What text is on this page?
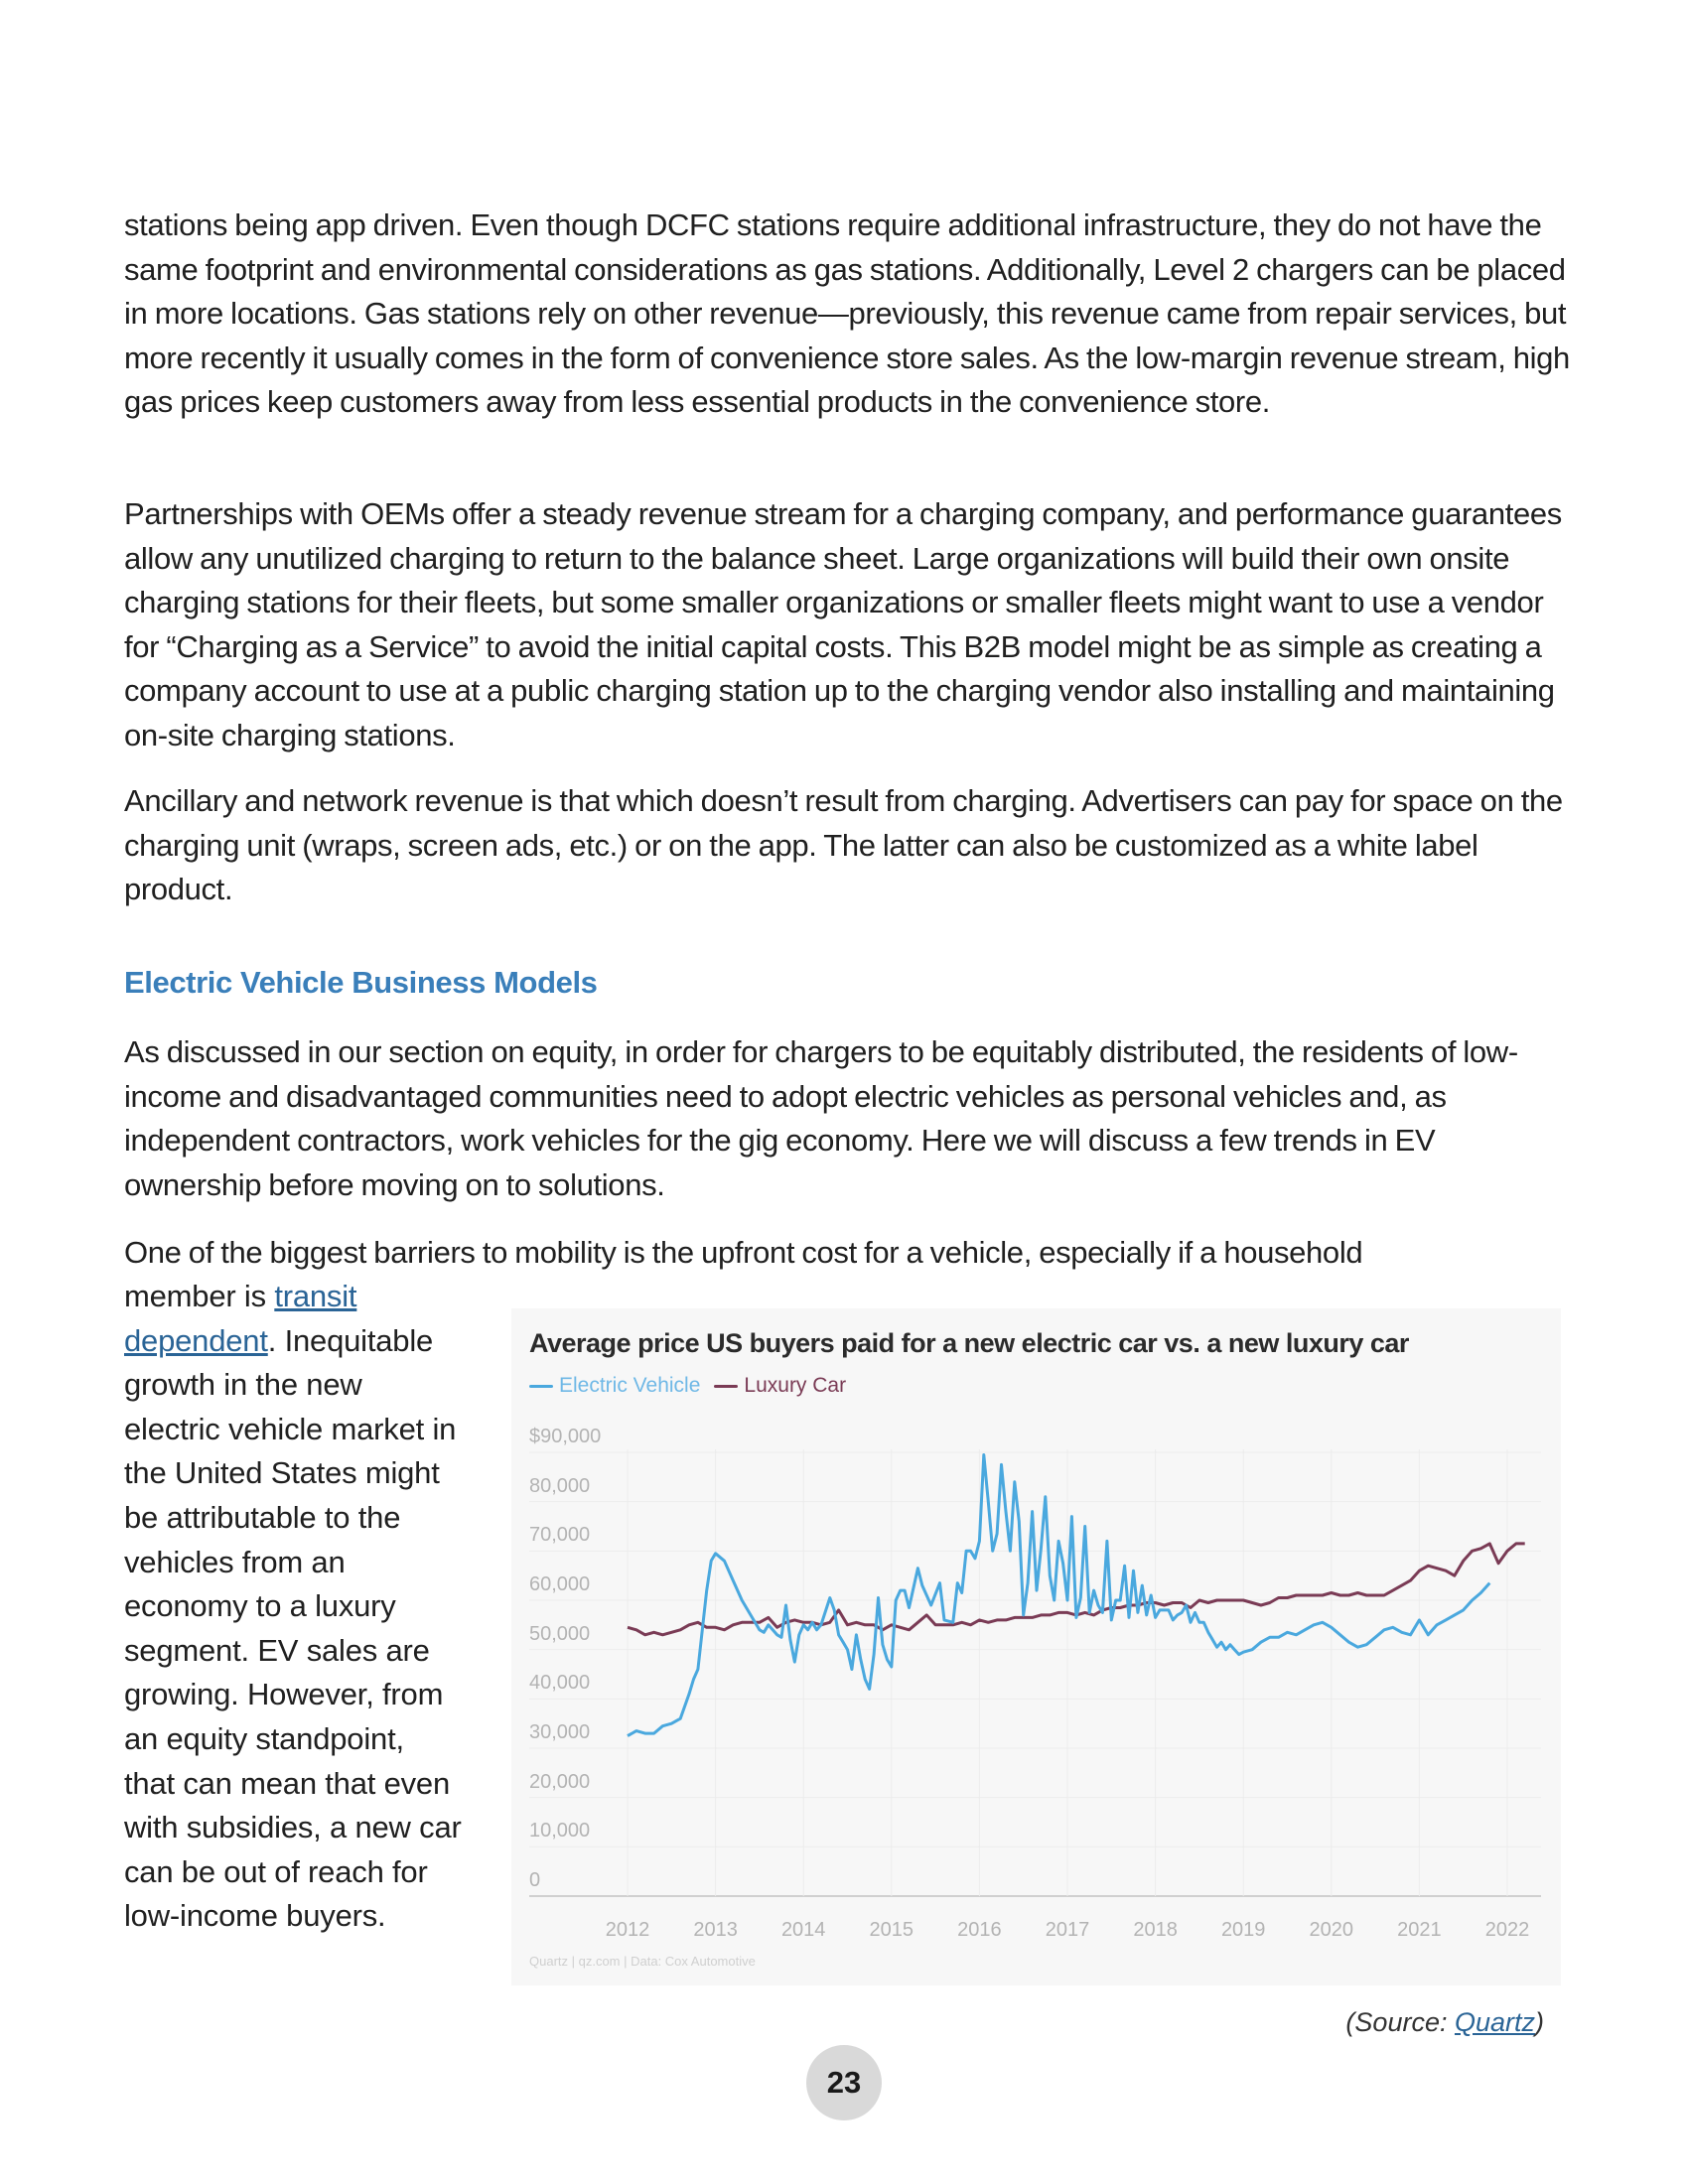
stations being app driven. Even though DCFC stations require additional infrastructure, they do not have the same footprint and environmental considerations as gas stations. Additionally, Level 2 chargers can be placed in more locations. Gas stations rely on other revenue—previously, this revenue came from repair services, but more recently it usually comes in the form of convenience store sales. As the low-margin revenue stream, high gas prices keep customers away from less essential products in the convenience store.

Partnerships with OEMs offer a steady revenue stream for a charging company, and performance guarantees allow any unutilized charging to return to the balance sheet. Large organizations will build their own onsite charging stations for their fleets, but some smaller organizations or smaller fleets might want to use a vendor for “Charging as a Service” to avoid the initial capital costs. This B2B model might be as simple as creating a company account to use at a public charging station up to the charging vendor also installing and maintaining on-site charging stations.

Ancillary and network revenue is that which doesn’t result from charging. Advertisers can pay for space on the charging unit (wraps, screen ads, etc.) or on the app. The latter can also be customized as a white label product.

Electric Vehicle Business Models

As discussed in our section on equity, in order for chargers to be equitably distributed, the residents of low-income and disadvantaged communities need to adopt electric vehicles as personal vehicles and, as independent contractors, work vehicles for the gig economy. Here we will discuss a few trends in EV ownership before moving on to solutions.

One of the biggest barriers to mobility is the upfront cost for a vehicle, especially if a household

member is transit dependent. Inequitable growth in the new electric vehicle market in the United States might be attributable to the vehicles from an economy to a luxury segment. EV sales are growing. However, from an equity standpoint, that can mean that even with subsidies, a new car can be out of reach for low-income buyers.
Average price US buyers paid for a new electric car vs. a new luxury car
Electric Vehicle Luxury Car
Quartz | qz.com | Data: Cox Automotive
$90,000
80,000
70,000
60,000
50,000
40,000
30,000
20,000
10,000
0
2012 2013 2014 2015 2016 2017 2018 2019 2020 2021 2022
(Source: Quartz)
23
